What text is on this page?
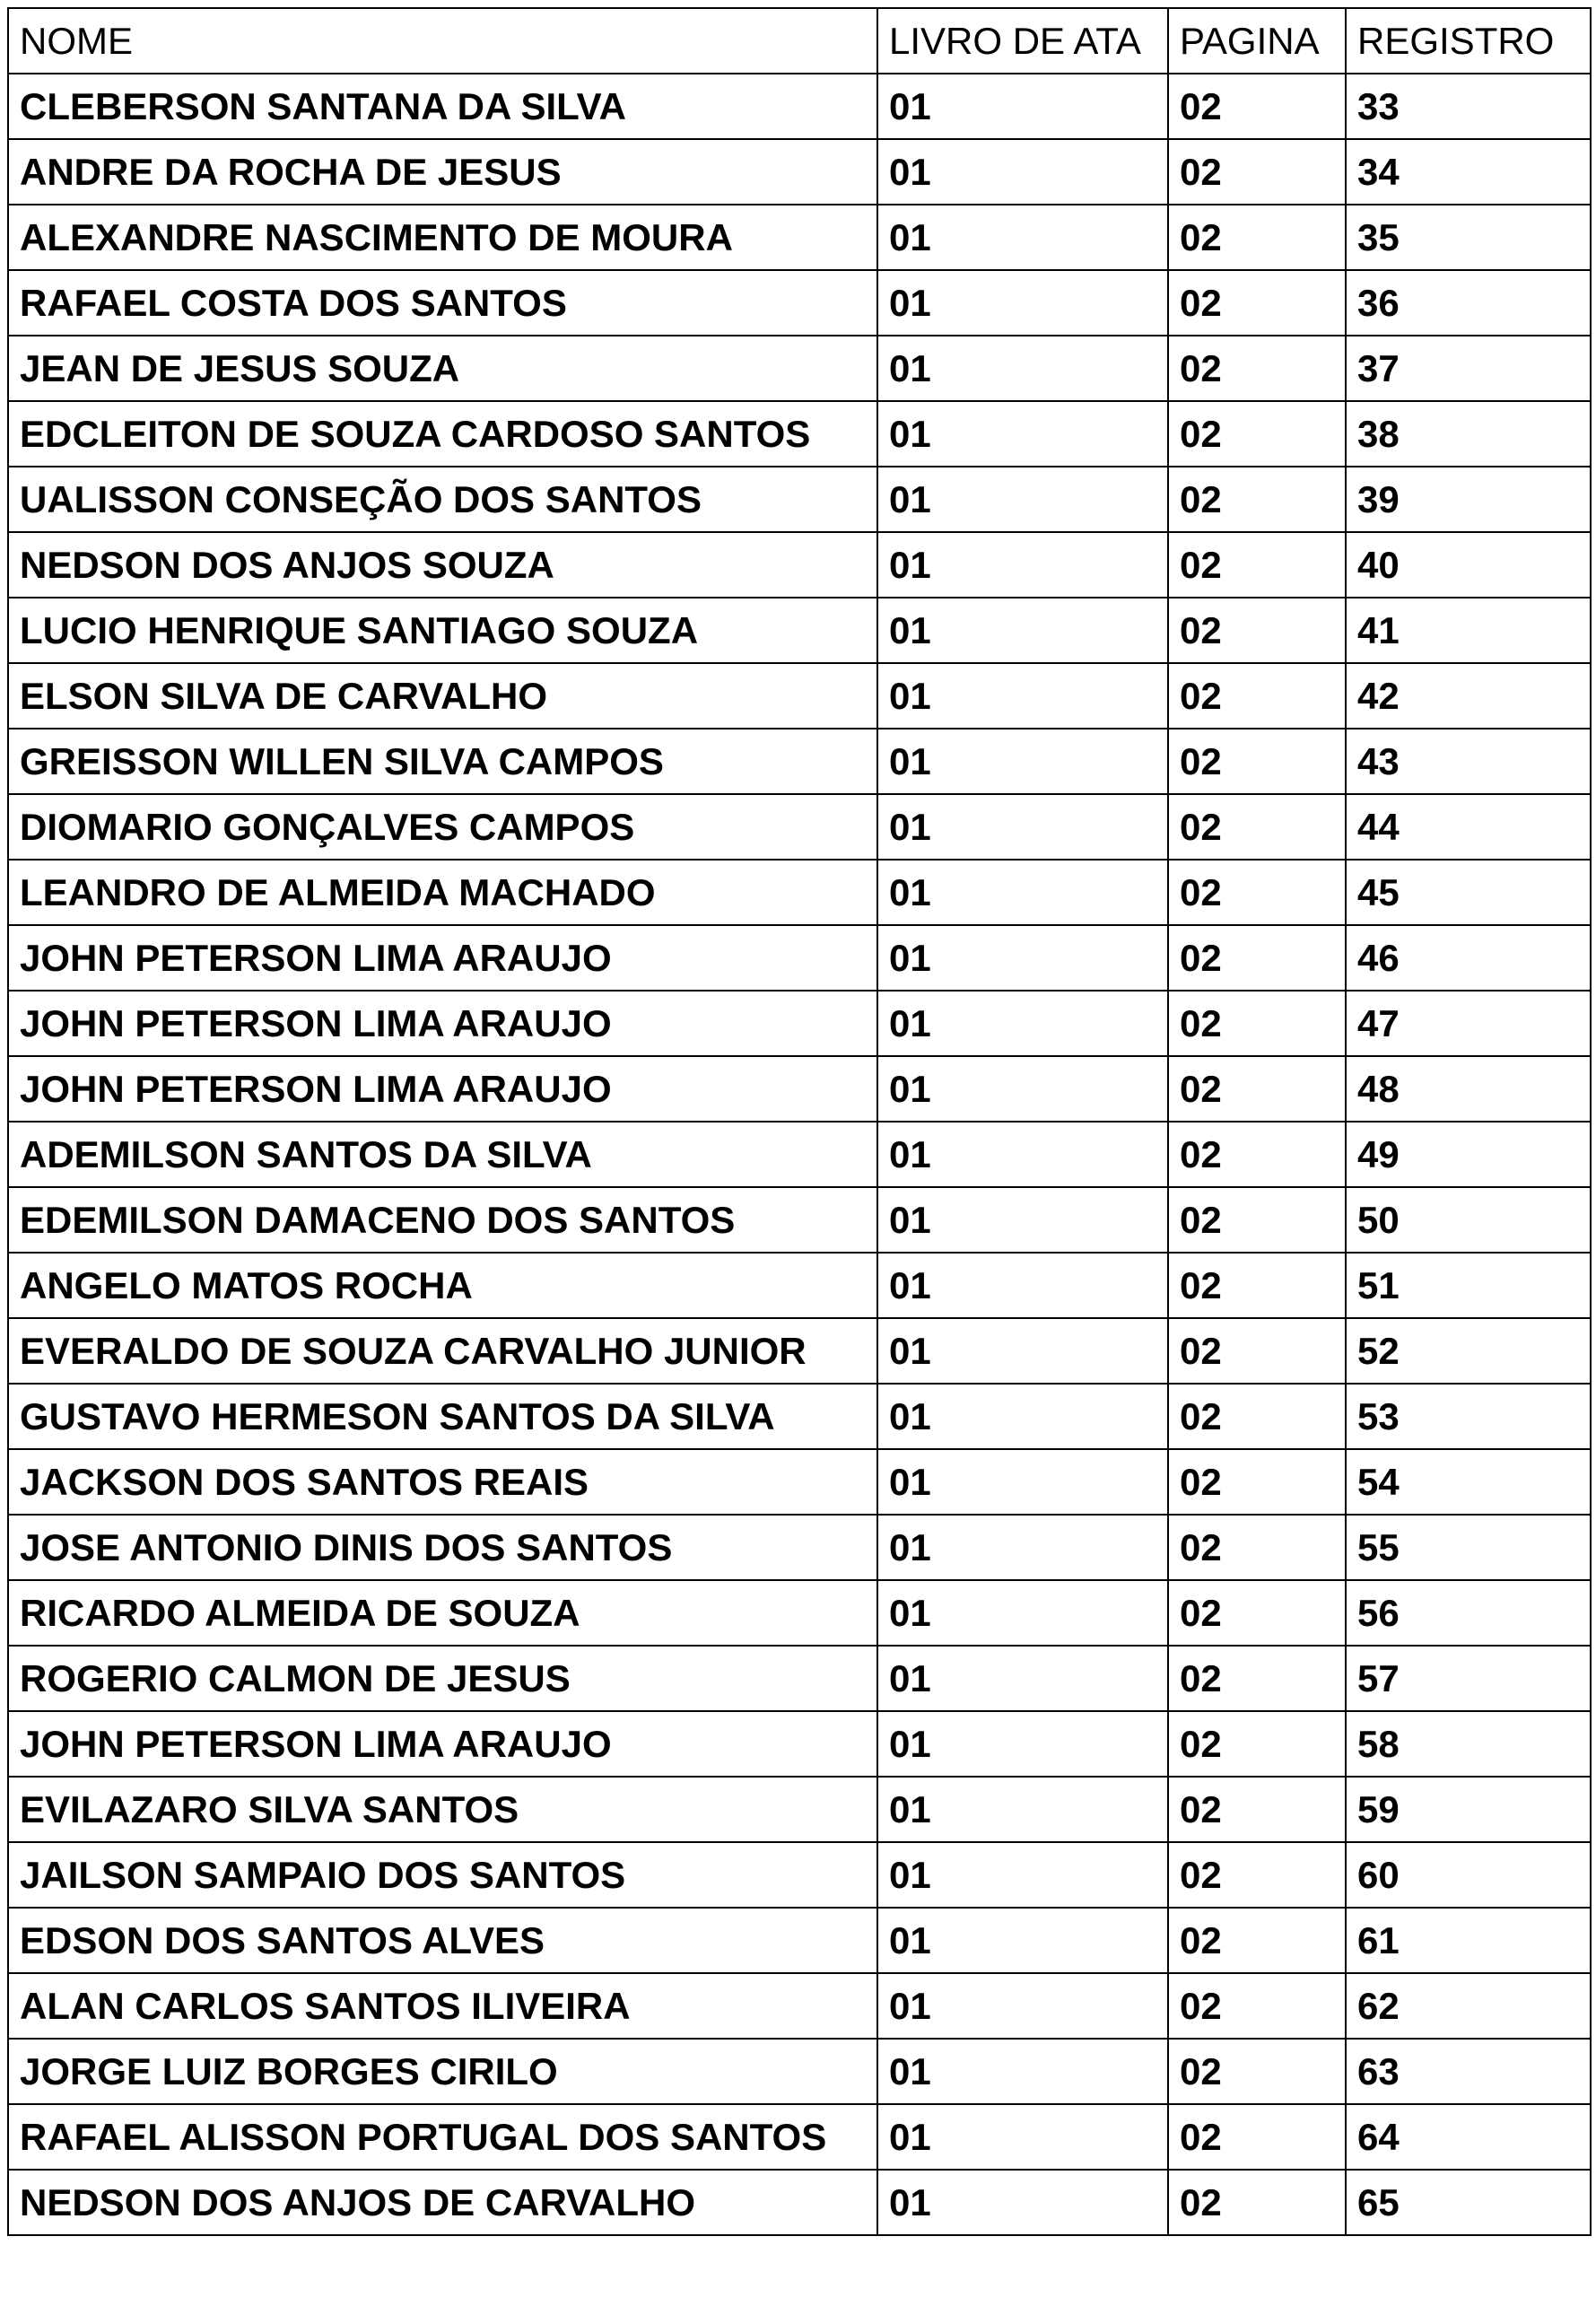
NOME	LIVRO DE ATA	PAGINA	REGISTRO
CLEBERSON SANTANA DA SILVA	01	02	33
ANDRE DA ROCHA DE JESUS	01	02	34
ALEXANDRE NASCIMENTO DE MOURA	01	02	35
RAFAEL COSTA DOS SANTOS	01	02	36
JEAN DE JESUS SOUZA	01	02	37
EDCLEITON DE SOUZA CARDOSO SANTOS	01	02	38
UALISSON CONSEÇÃO DOS SANTOS	01	02	39
NEDSON DOS ANJOS SOUZA	01	02	40
LUCIO HENRIQUE SANTIAGO SOUZA	01	02	41
ELSON SILVA DE CARVALHO	01	02	42
GREISSON WILLEN SILVA CAMPOS	01	02	43
DIOMARIO GONÇALVES CAMPOS	01	02	44
LEANDRO DE ALMEIDA MACHADO	01	02	45
JOHN PETERSON LIMA ARAUJO	01	02	46
JOHN PETERSON LIMA ARAUJO	01	02	47
JOHN PETERSON LIMA ARAUJO	01	02	48
ADEMILSON SANTOS DA SILVA	01	02	49
EDEMILSON DAMACENO DOS SANTOS	01	02	50
ANGELO MATOS ROCHA	01	02	51
EVERALDO DE SOUZA CARVALHO JUNIOR	01	02	52
GUSTAVO HERMESON SANTOS DA SILVA	01	02	53
JACKSON DOS SANTOS REAIS	01	02	54
JOSE ANTONIO DINIS DOS SANTOS	01	02	55
RICARDO ALMEIDA DE SOUZA	01	02	56
ROGERIO CALMON DE JESUS	01	02	57
JOHN PETERSON LIMA ARAUJO	01	02	58
EVILAZARO SILVA SANTOS	01	02	59
JAILSON SAMPAIO DOS SANTOS	01	02	60
EDSON DOS SANTOS ALVES	01	02	61
ALAN CARLOS SANTOS ILIVEIRA	01	02	62
JORGE LUIZ BORGES CIRILO	01	02	63
RAFAEL ALISSON PORTUGAL DOS SANTOS	01	02	64
NEDSON DOS ANJOS DE CARVALHO	01	02	65
